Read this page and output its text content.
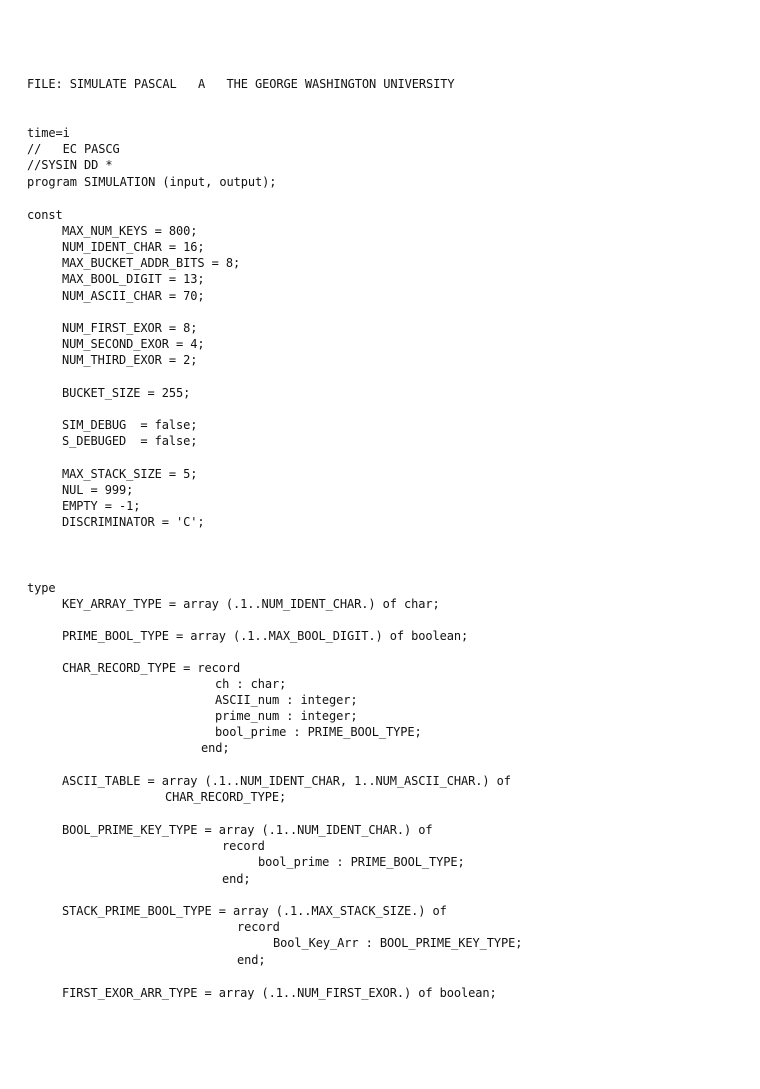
FILE: SIMULATE PASCAL   A   THE GEORGE WASHINGTON UNIVERSITY
time=i
//   EC PASCG
//SYSIN DD *
program SIMULATION (input, output);
const
MAX_NUM_KEYS = 800;
NUM_IDENT_CHAR = 16;
MAX_BUCKET_ADDR_BITS = 8;
MAX_BOOL_DIGIT = 13;
NUM_ASCII_CHAR = 70;
NUM_FIRST_EXOR = 8;
NUM_SECOND_EXOR = 4;
NUM_THIRD_EXOR = 2;
BUCKET_SIZE = 255;
SIM_DEBUG  = false;
S_DEBUGED  = false;
MAX_STACK_SIZE = 5;
NUL = 999;
EMPTY = -1;
DISCRIMINATOR = 'C';
type
KEY_ARRAY_TYPE = array (.1..NUM_IDENT_CHAR.) of char;
PRIME_BOOL_TYPE = array (.1..MAX_BOOL_DIGIT.) of boolean;
CHAR_RECORD_TYPE = record
ch : char;
ASCII_num : integer;
prime_num : integer;
bool_prime : PRIME_BOOL_TYPE;
end;
ASCII_TABLE = array (.1..NUM_IDENT_CHAR, 1..NUM_ASCII_CHAR.) of
CHAR_RECORD_TYPE;
BOOL_PRIME_KEY_TYPE = array (.1..NUM_IDENT_CHAR.) of
record
bool_prime : PRIME_BOOL_TYPE;
end;
STACK_PRIME_BOOL_TYPE = array (.1..MAX_STACK_SIZE.) of
record
Bool_Key_Arr : BOOL_PRIME_KEY_TYPE;
end;
FIRST_EXOR_ARR_TYPE = array (.1..NUM_FIRST_EXOR.) of boolean;
